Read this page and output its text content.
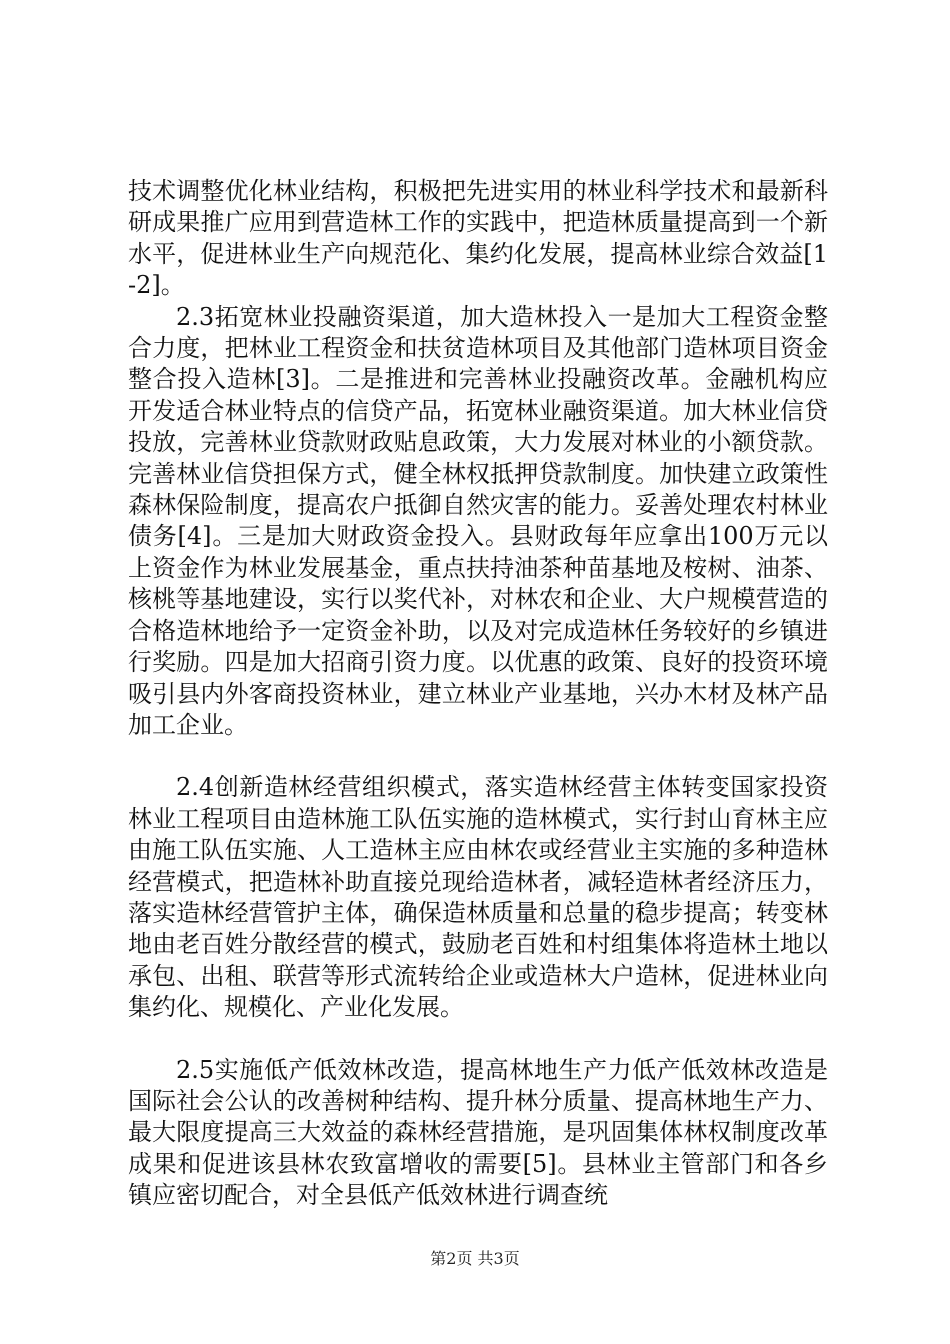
技术调整优化林业结构，积极把先进实用的林业科学技术和最新科研成果推广应用到营造林工作的实践中，把造林质量提高到一个新水平，促进林业生产向规范化、集约化发展，提高林业综合效益[1-2]。

2.3拓宽林业投融资渠道，加大造林投入一是加大工程资金整合力度，把林业工程资金和扶贫造林项目及其他部门造林项目资金整合投入造林[3]。二是推进和完善林业投融资改革。金融机构应开发适合林业特点的信贷产品，拓宽林业融资渠道。加大林业信贷投放，完善林业贷款财政贴息政策，大力发展对林业的小额贷款。完善林业信贷担保方式，健全林权抵押贷款制度。加快建立政策性森林保险制度，提高农户抵御自然灾害的能力。妥善处理农村林业债务[4]。三是加大财政资金投入。县财政每年应拿出100万元以上资金作为林业发展基金，重点扶持油茶种苗基地及桉树、油茶、核桃等基地建设，实行以奖代补，对林农和企业、大户规模营造的合格造林地给予一定资金补助，以及对完成造林任务较好的乡镇进行奖励。四是加大招商引资力度。以优惠的政策、良好的投资环境吸引县内外客商投资林业，建立林业产业基地，兴办木材及林产品加工企业。

2.4创新造林经营组织模式，落实造林经营主体转变国家投资林业工程项目由造林施工队伍实施的造林模式，实行封山育林主应由施工队伍实施、人工造林主应由林农或经营业主实施的多种造林经营模式，把造林补助直接兑现给造林者，减轻造林者经济压力，落实造林经营管护主体，确保造林质量和总量的稳步提高；转变林地由老百姓分散经营的模式，鼓励老百姓和村组集体将造林土地以承包、出租、联营等形式流转给企业或造林大户造林，促进林业向集约化、规模化、产业化发展。

2.5实施低产低效林改造，提高林地生产力低产低效林改造是国际社会公认的改善树种结构、提升林分质量、提高林地生产力、最大限度提高三大效益的森林经营措施，是巩固集体林权制度改革成果和促进该县林农致富增收的需要[5]。县林业主管部门和各乡镇应密切配合，对全县低产低效林进行调查统

第2页 共3页
